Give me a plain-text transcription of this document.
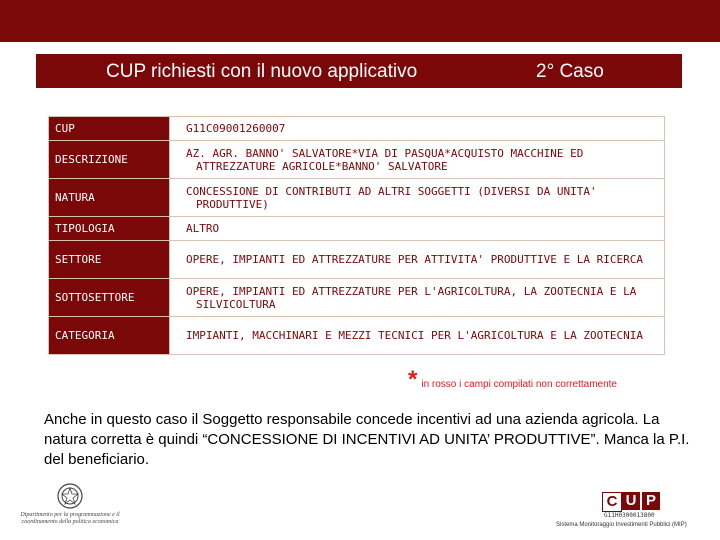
CUP richiesti con il nuovo applicativo	2° Caso
CUP	G11C09001260007
DESCRIZIONE	AZ. AGR. BANNO' SALVATORE*VIA DI PASQUA*ACQUISTO MACCHINE ED ATTREZZATURE AGRICOLE*BANNO' SALVATORE
NATURA	CONCESSIONE DI CONTRIBUTI AD ALTRI SOGGETTI (DIVERSI DA UNITA' PRODUTTIVE)
TIPOLOGIA	ALTRO
SETTORE	OPERE, IMPIANTI ED ATTREZZATURE PER ATTIVITA' PRODUTTIVE E LA RICERCA
SOTTOSETTORE	OPERE, IMPIANTI ED ATTREZZATURE PER L'AGRICOLTURA, LA ZOOTECNIA E LA SILVICOLTURA
CATEGORIA	IMPIANTI, MACCHINARI E MEZZI TECNICI PER L'AGRICOLTURA E LA ZOOTECNIA
* in rosso i campi compilati non correttamente
Anche in questo caso il Soggetto responsabile concede incentivi ad una azienda agricola. La natura corretta è quindi “CONCESSIONE DI INCENTIVI AD UNITA’ PRODUTTIVE”. Manca la P.I. del beneficiario.
Dipartimento per la programmazione e il coordinamento della politica economica
C U P
G11H0300013800
Sistema Monitoraggio Investimenti Pubblici (MIP)
